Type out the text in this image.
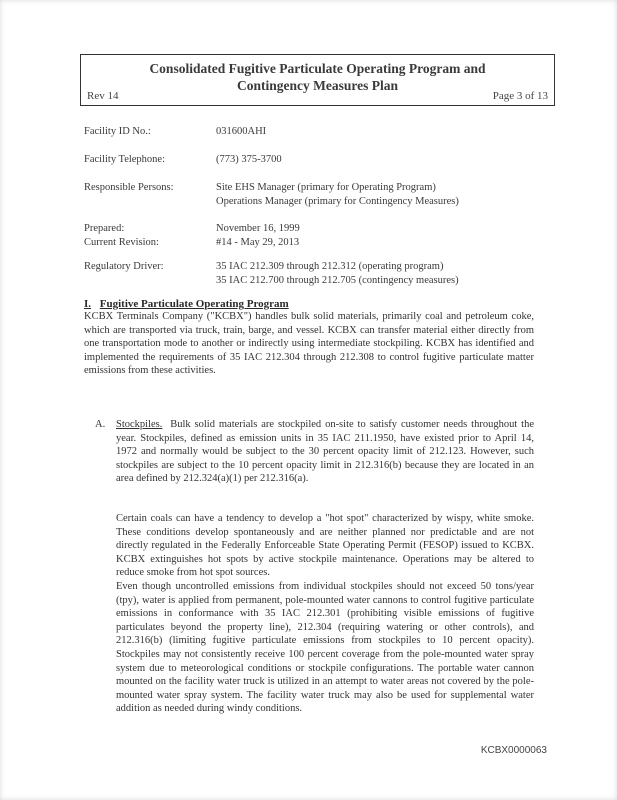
Consolidated Fugitive Particulate Operating Program and
Contingency Measures Plan
Rev 14	Page 3 of 13
Facility ID No.:	031600AHI
Facility Telephone:	(773) 375-3700
Responsible Persons:	Site EHS Manager (primary for Operating Program)
Operations Manager (primary for Contingency Measures)
Prepared:	November 16, 1999
Current Revision:	#14 - May 29, 2013
Regulatory Driver:	35 IAC 212.309 through 212.312 (operating program)
35 IAC 212.700 through 212.705 (contingency measures)
I. Fugitive Particulate Operating Program
KCBX Terminals Company ("KCBX") handles bulk solid materials, primarily coal and petroleum coke, which are transported via truck, train, barge, and vessel. KCBX can transfer material either directly from one transportation mode to another or indirectly using intermediate stockpiling. KCBX has identified and implemented the requirements of 35 IAC 212.304 through 212.308 to control fugitive particulate matter emissions from these activities.
A. Stockpiles. Bulk solid materials are stockpiled on-site to satisfy customer needs throughout the year. Stockpiles, defined as emission units in 35 IAC 211.1950, have existed prior to April 14, 1972 and normally would be subject to the 30 percent opacity limit of 212.123. However, such stockpiles are subject to the 10 percent opacity limit in 212.316(b) because they are located in an area defined by 212.324(a)(1) per 212.316(a).
Certain coals can have a tendency to develop a "hot spot" characterized by wispy, white smoke. These conditions develop spontaneously and are neither planned nor predictable and are not directly regulated in the Federally Enforceable State Operating Permit (FESOP) issued to KCBX. KCBX extinguishes hot spots by active stockpile maintenance. Operations may be altered to reduce smoke from hot spot sources.
Even though uncontrolled emissions from individual stockpiles should not exceed 50 tons/year (tpy), water is applied from permanent, pole-mounted water cannons to control fugitive particulate emissions in conformance with 35 IAC 212.301 (prohibiting visible emissions of fugitive particulates beyond the property line), 212.304 (requiring watering or other controls), and 212.316(b) (limiting fugitive particulate emissions from stockpiles to 10 percent opacity). Stockpiles may not consistently receive 100 percent coverage from the pole-mounted water spray system due to meteorological conditions or stockpile configurations. The portable water cannon mounted on the facility water truck is utilized in an attempt to water areas not covered by the pole-mounted water spray system. The facility water truck may also be used for supplemental water addition as needed during windy conditions.
KCBX0000063
